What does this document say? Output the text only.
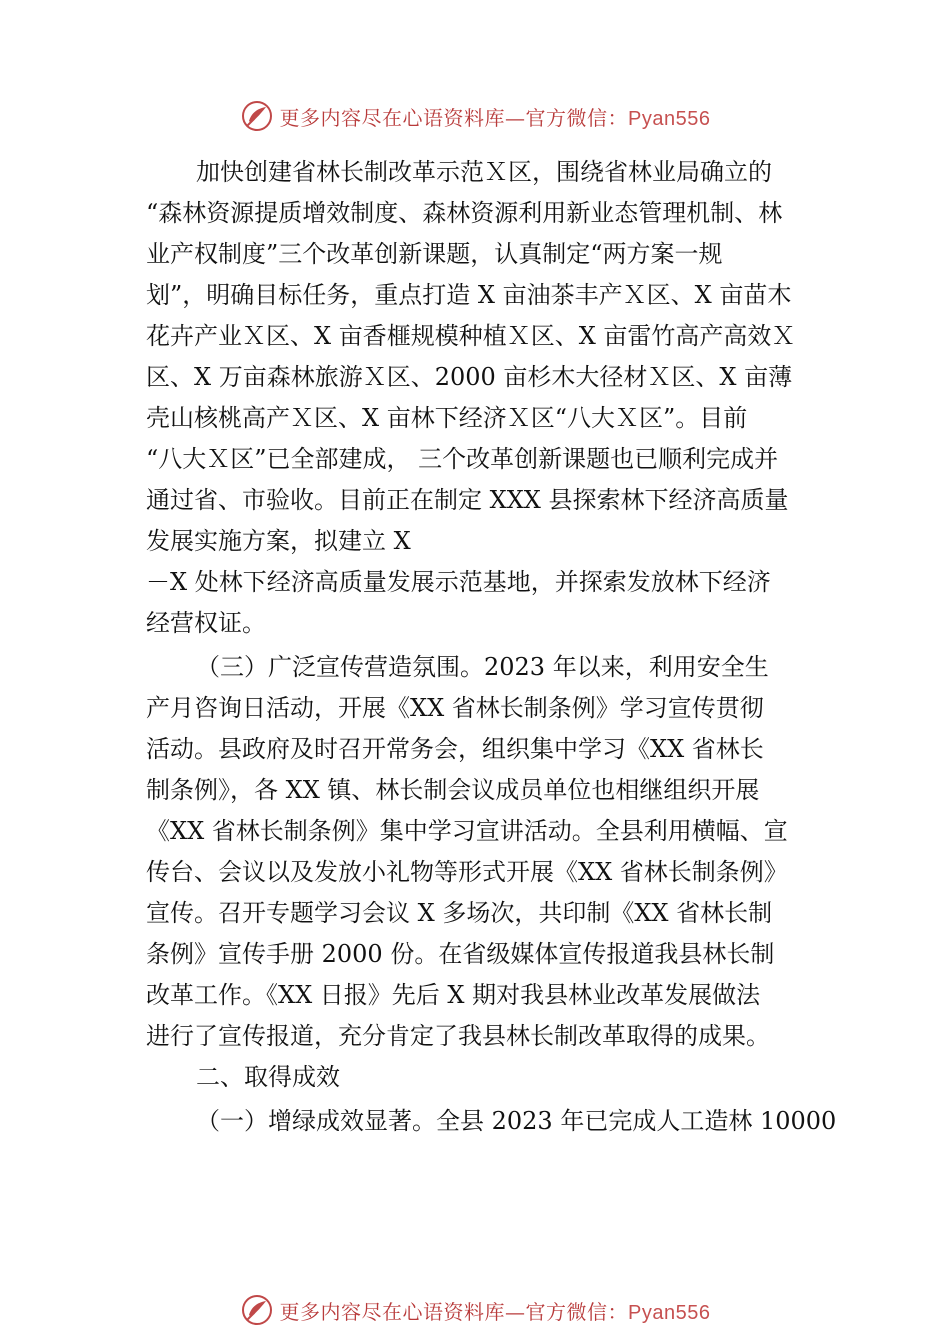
更多内容尽在心语资料库—官方微信：Pyan556
加快创建省林长制改革示范Ｘ区，围绕省林业局确立的
“森林资源提质增效制度、森林资源利用新业态管理机制、林
业产权制度”三个改革创新课题，认真制定“两方案一规
划”，明确目标任务，重点打造 X 亩油茶丰产Ｘ区、X 亩苗木
花卉产业Ｘ区、X 亩香榧规模种植Ｘ区、X 亩雷竹高产高效Ｘ
区、X 万亩森林旅游Ｘ区、2000 亩杉木大径材Ｘ区、X 亩薄
壳山核桃高产Ｘ区、X 亩林下经济Ｘ区“八大Ｘ区”。目前
“八大Ｘ区”已全部建成， 三个改革创新课题也已顺利完成并
通过省、市验收。目前正在制定 XXX 县探索林下经济高质量
发展实施方案，拟建立 X
－X 处林下经济高质量发展示范基地，并探索发放林下经济
经营权证。
（三）广泛宣传营造氛围。2023 年以来，利用安全生
产月咨询日活动，开展《XX 省林长制条例》学习宣传贯彻
活动。县政府及时召开常务会，组织集中学习《XX 省林长
制条例》，各 XX 镇、林长制会议成员单位也相继组织开展
《XX 省林长制条例》集中学习宣讲活动。全县利用横幅、宣
传台、会议以及发放小礼物等形式开展《XX 省林长制条例》
宣传。召开专题学习会议 X 多场次，共印制《XX 省林长制
条例》宣传手册 2000 份。在省级媒体宣传报道我县林长制
改革工作。《XX 日报》先后 X 期对我县林业改革发展做法
进行了宣传报道，充分肯定了我县林长制改革取得的成果。
二、取得成效
（一）增绿成效显著。全县 2023 年已完成人工造林 10000
更多内容尽在心语资料库—官方微信：Pyan556
